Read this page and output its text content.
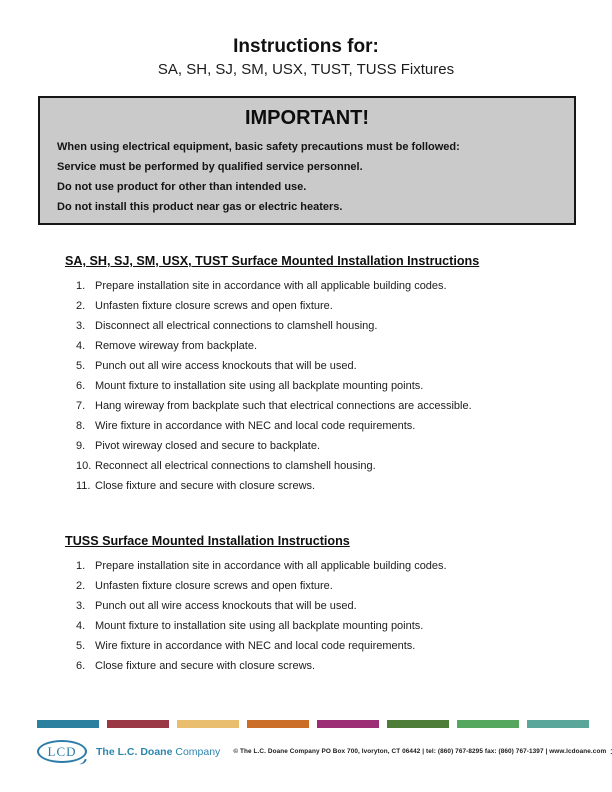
Instructions for:
SA, SH, SJ, SM, USX, TUST, TUSS Fixtures
IMPORTANT!
When using electrical equipment, basic safety precautions must be followed:
Service must be performed by qualified service personnel.
Do not use product for other than intended use.
Do not install this product near gas or electric heaters.
SA, SH, SJ, SM, USX, TUST Surface Mounted Installation Instructions
1. Prepare installation site in accordance with all applicable building codes.
2. Unfasten fixture closure screws and open fixture.
3. Disconnect all electrical connections to clamshell housing.
4. Remove wireway from backplate.
5. Punch out all wire access knockouts that will be used.
6. Mount fixture to installation site using all backplate mounting points.
7. Hang wireway from backplate such that electrical connections are accessible.
8. Wire fixture in accordance with NEC and local code requirements.
9. Pivot wireway closed and secure to backplate.
10. Reconnect all electrical connections to clamshell housing.
11. Close fixture and secure with closure screws.
TUSS Surface Mounted Installation Instructions
1. Prepare installation site in accordance with all applicable building codes.
2. Unfasten fixture closure screws and open fixture.
3. Punch out all wire access knockouts that will be used.
4. Mount fixture to installation site using all backplate mounting points.
5. Wire fixture in accordance with NEC and local code requirements.
6. Close fixture and secure with closure screws.
LCD The L.C. Doane Company © The L.C. Doane Company PO Box 700, Ivoryton, CT 06442 | tel: (860) 767-8295 fax: (860) 767-1397 | www.lcdoane.com
